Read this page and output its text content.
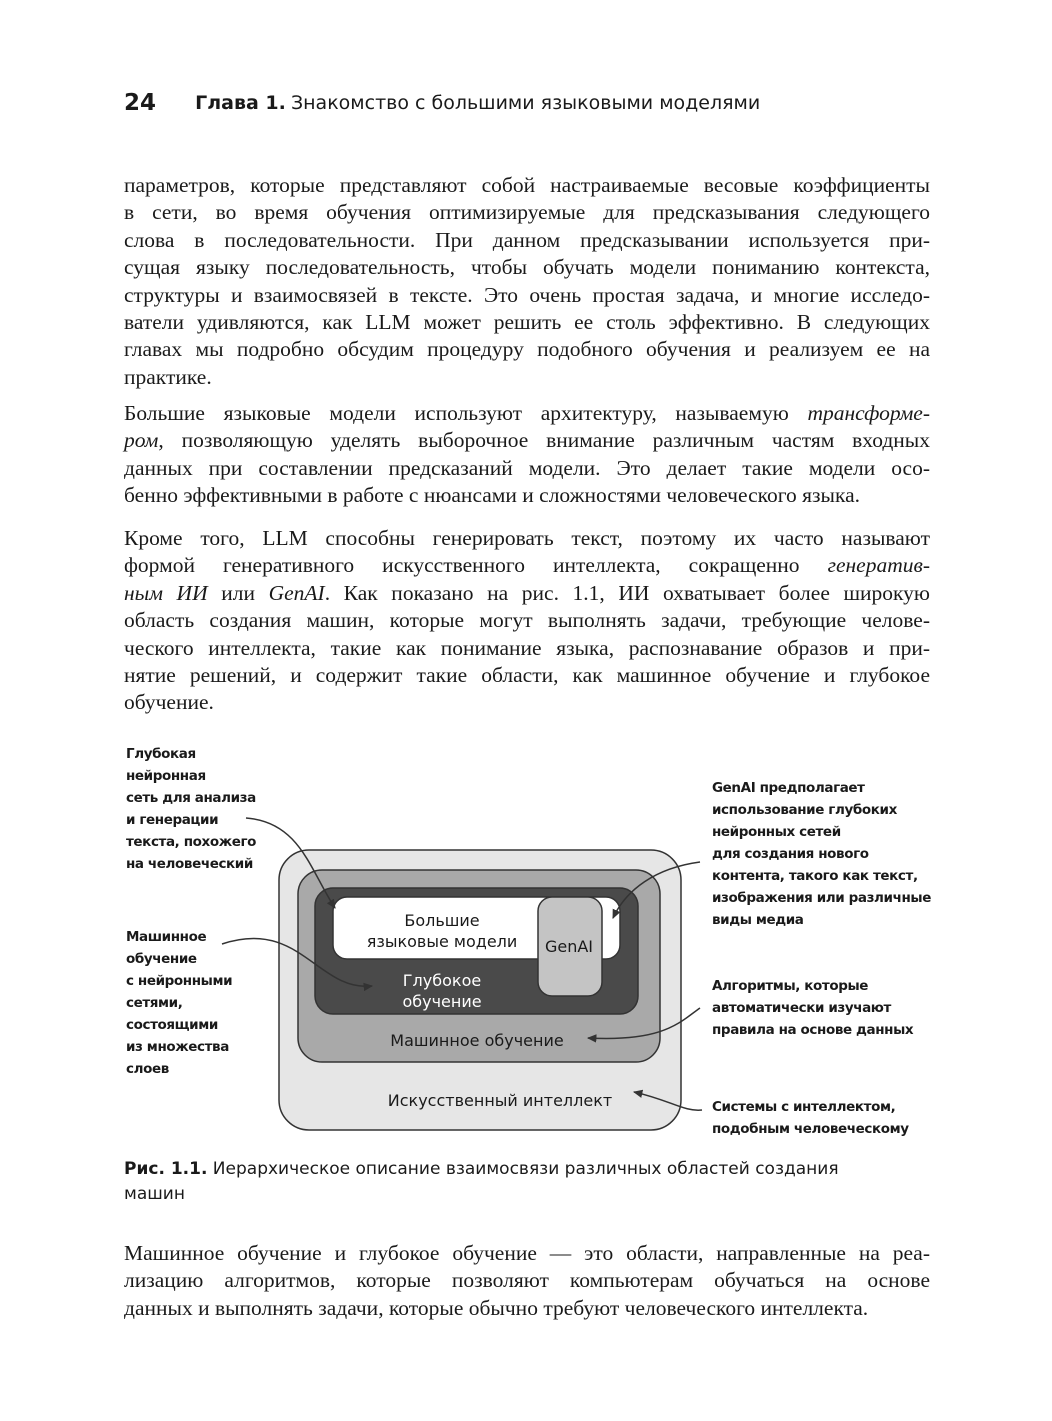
24 Глава 1. Знакомство с большими языковыми моделями
параметров, которые представляют собой настраиваемые весовые коэффициенты
в сети, во время обучения оптимизируемые для предсказывания следующего
слова в последовательности. При данном предсказывании используется при-
сущая языку последовательность, чтобы обучать модели пониманию контекста,
структуры и взаимосвязей в тексте. Это очень простая задача, и многие исследо-
ватели удивляются, как LLM может решить ее столь эффективно. В следующих
главах мы подробно обсудим процедуру подобного обучения и реализуем ее на
практике.
Большие языковые модели используют архитектуру, называемую трансформе-
ром, позволяющую уделять выборочное внимание различным частям входных
данных при составлении предсказаний модели. Это делает такие модели осо-
бенно эффективными в работе с нюансами и сложностями человеческого языка.
Кроме того, LLM способны генерировать текст, поэтому их часто называют
формой генеративного искусственного интеллекта, сокращенно генератив-
ным ИИ или GenAI. Как показано на рис. 1.1, ИИ охватывает более широкую
область создания машин, которые могут выполнять задачи, требующие челове-
ческого интеллекта, такие как понимание языка, распознавание образов и при-
нятие решений, и содержит такие области, как машинное обучение и глубокое
обучение.
Большие
языковые модели GenAI
Глубокое
обучение
Машинное обучение
Искусственный интеллект
Глубокая
нейронная
сеть для анализа
и генерации
текста, похожего
на человеческий
Машинное
обучение
с нейронными
сетями,
состоящими
из множества
слоев
GenAI предполагает
использование глубоких
нейронных сетей
для создания нового
контента, такого как текст,
изображения или различные
виды медиа
Алгоритмы, которые
автоматически изучают
правила на основе данных
Системы с интеллектом,
подобным человеческому
Рис. 1.1. Иерархическое описание взаимосвязи различных областей создания
машин
Машинное обучение и глубокое обучение — это области, направленные на реа-
лизацию алгоритмов, которые позволяют компьютерам обучаться на основе
данных и выполнять задачи, которые обычно требуют человеческого интеллекта.
